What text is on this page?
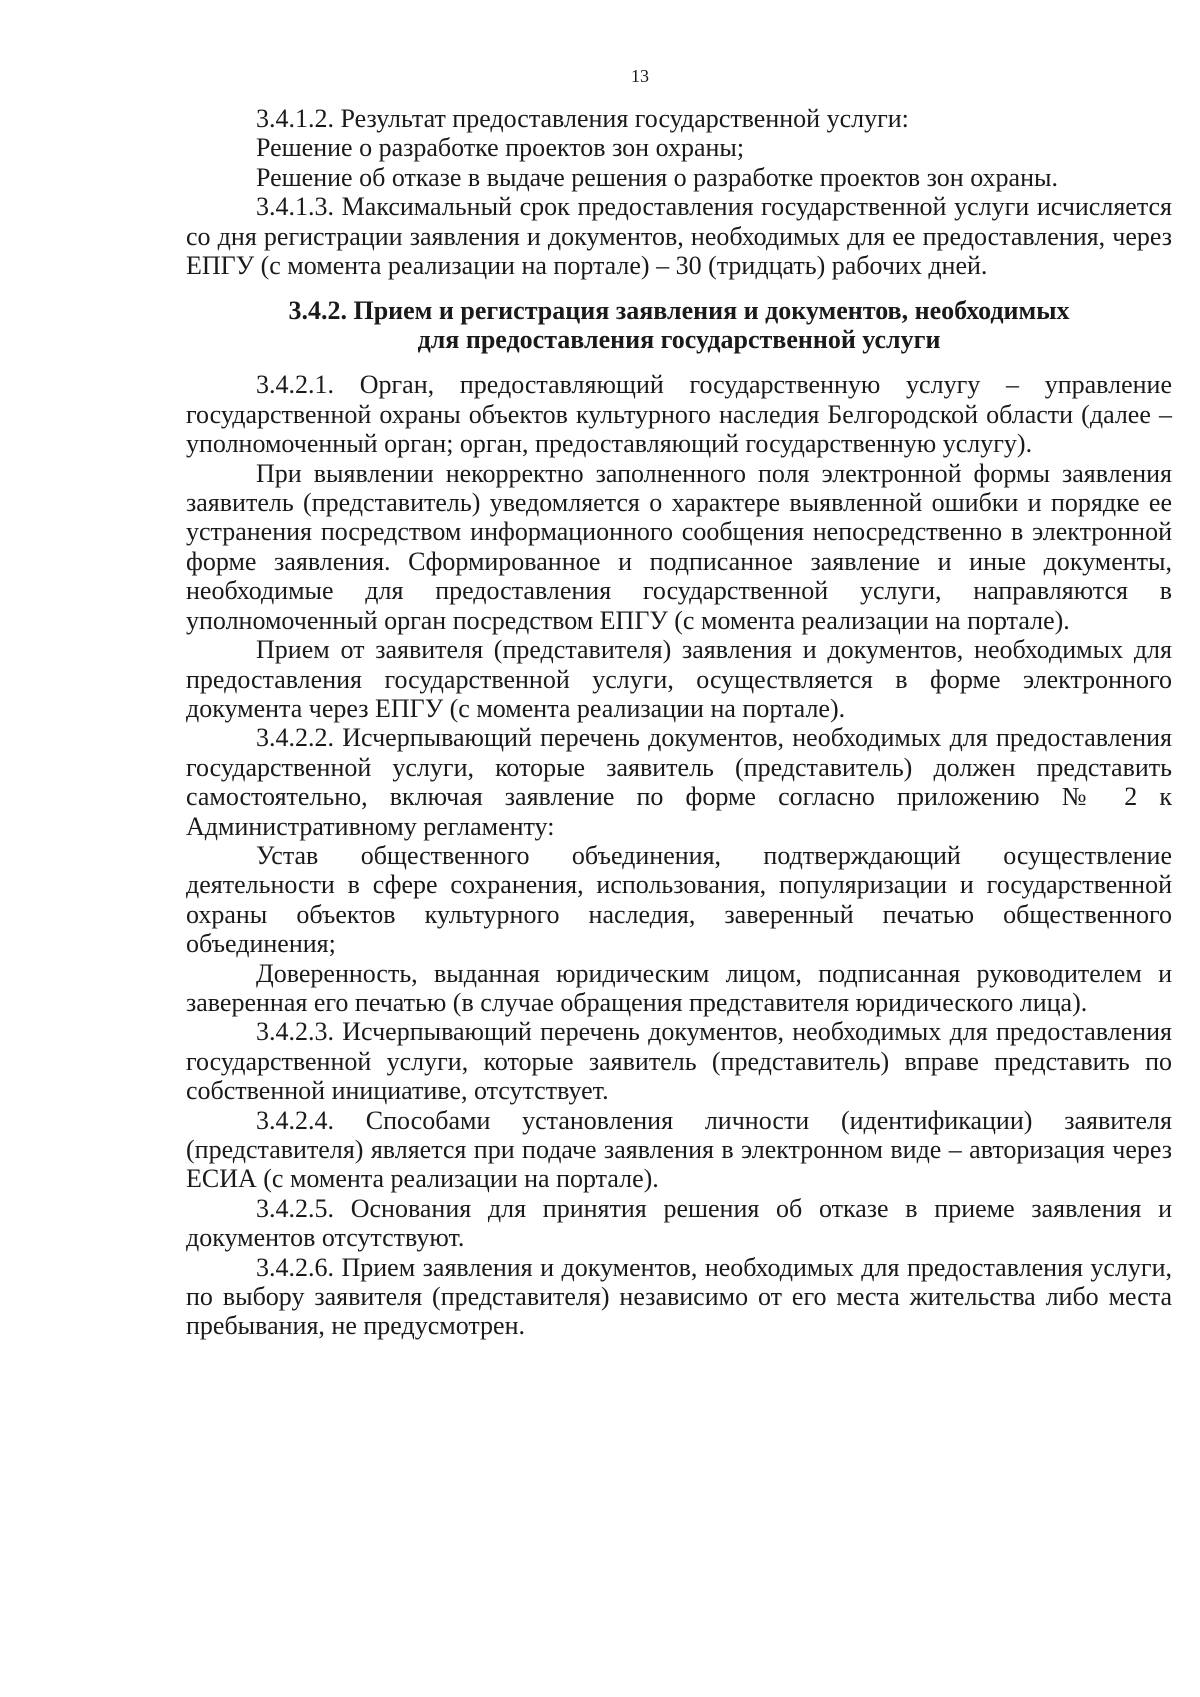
13

3.4.1.2. Результат предоставления государственной услуги:

Решение о разработке проектов зон охраны;

Решение об отказе в выдаче решения о разработке проектов зон охраны.

3.4.1.3. Максимальный срок предоставления государственной услуги исчисляется со дня регистрации заявления и документов, необходимых для ее предоставления, через ЕПГУ (с момента реализации на портале) – 30 (тридцать) рабочих дней.

3.4.2. Прием и регистрация заявления и документов, необходимых
для предоставления государственной услуги

3.4.2.1. Орган, предоставляющий государственную услугу – управление государственной охраны объектов культурного наследия Белгородской области (далее – уполномоченный орган; орган, предоставляющий государственную услугу).

При выявлении некорректно заполненного поля электронной формы заявления заявитель (представитель) уведомляется о характере выявленной ошибки и порядке ее устранения посредством информационного сообщения непосредственно в электронной форме заявления. Сформированное и подписанное заявление и иные документы, необходимые для предоставления государственной услуги, направляются в уполномоченный орган посредством ЕПГУ (с момента реализации на портале).

Прием от заявителя (представителя) заявления и документов, необходимых для предоставления государственной услуги, осуществляется в форме электронного документа через ЕПГУ (с момента реализации на портале).

3.4.2.2. Исчерпывающий перечень документов, необходимых для предоставления государственной услуги, которые заявитель (представитель) должен представить самостоятельно, включая заявление по форме согласно приложению № 2 к Административному регламенту:

Устав общественного объединения, подтверждающий осуществление деятельности в сфере сохранения, использования, популяризации и государственной охраны объектов культурного наследия, заверенный печатью общественного объединения;

Доверенность, выданная юридическим лицом, подписанная руководителем и заверенная его печатью (в случае обращения представителя юридического лица).

3.4.2.3. Исчерпывающий перечень документов, необходимых для предоставления государственной услуги, которые заявитель (представитель) вправе представить по собственной инициативе, отсутствует.

3.4.2.4. Способами установления личности (идентификации) заявителя (представителя) является при подаче заявления в электронном виде – авторизация через ЕСИА (с момента реализации на портале).

3.4.2.5. Основания для принятия решения об отказе в приеме заявления и документов отсутствуют.

3.4.2.6. Прием заявления и документов, необходимых для предоставления услуги, по выбору заявителя (представителя) независимо от его места жительства либо места пребывания, не предусмотрен.
